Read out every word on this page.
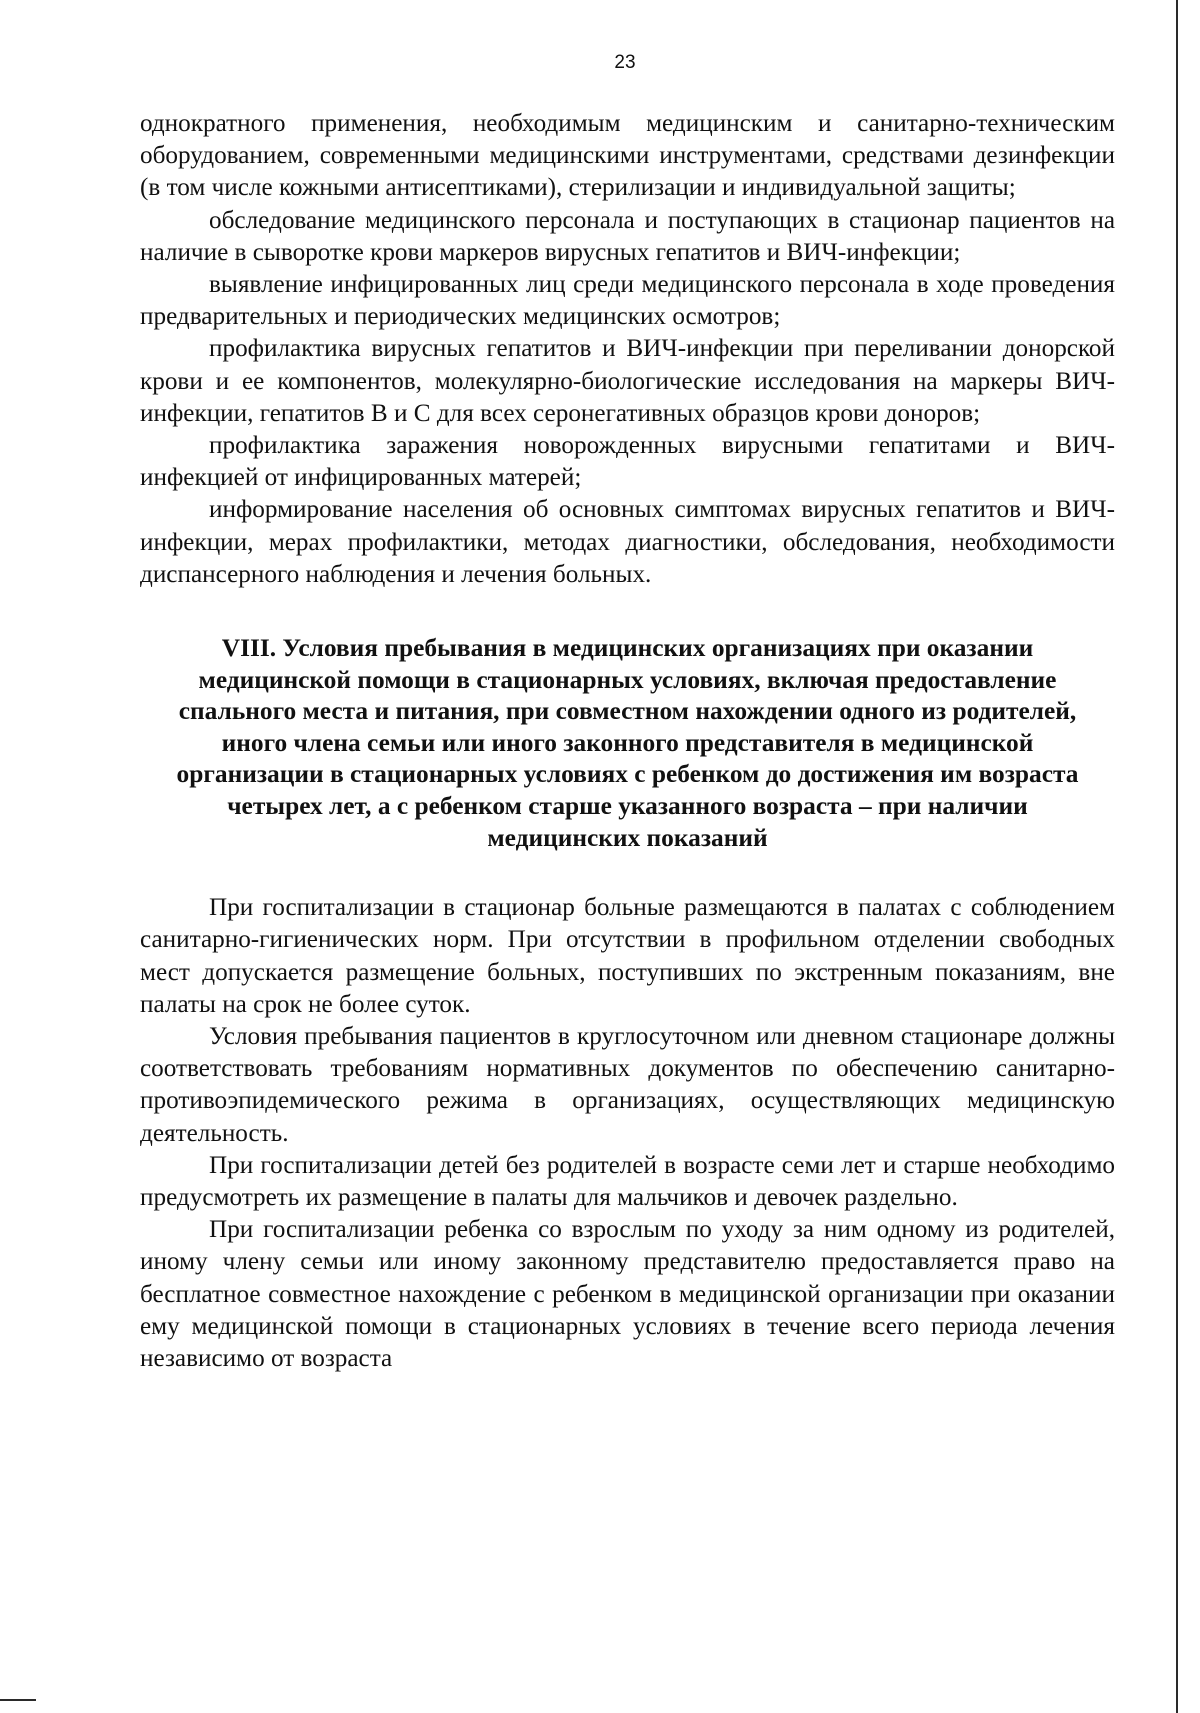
23

однократного применения, необходимым медицинским и санитарно-техническим оборудованием, современными медицинскими инструментами, средствами дезинфекции (в том числе кожными антисептиками), стерилизации и индивидуальной защиты;

обследование медицинского персонала и поступающих в стационар пациентов на наличие в сыворотке крови маркеров вирусных гепатитов и ВИЧ-инфекции;

выявление инфицированных лиц среди медицинского персонала в ходе проведения предварительных и периодических медицинских осмотров;

профилактика вирусных гепатитов и ВИЧ-инфекции при переливании донорской крови и ее компонентов, молекулярно-биологические исследования на маркеры ВИЧ-инфекции, гепатитов B и C для всех серонегативных образцов крови доноров;

профилактика заражения новорожденных вирусными гепатитами и ВИЧ-инфекцией от инфицированных матерей;

информирование населения об основных симптомах вирусных гепатитов и ВИЧ-инфекции, мерах профилактики, методах диагностики, обследования, необходимости диспансерного наблюдения и лечения больных.

VIII. Условия пребывания в медицинских организациях при оказании медицинской помощи в стационарных условиях, включая предоставление спального места и питания, при совместном нахождении одного из родителей, иного члена семьи или иного законного представителя в медицинской организации в стационарных условиях с ребенком до достижения им возраста четырех лет, а с ребенком старше указанного возраста – при наличии медицинских показаний

При госпитализации в стационар больные размещаются в палатах с соблюдением санитарно-гигиенических норм. При отсутствии в профильном отделении свободных мест допускается размещение больных, поступивших по экстренным показаниям, вне палаты на срок не более суток.

Условия пребывания пациентов в круглосуточном или дневном стационаре должны соответствовать требованиям нормативных документов по обеспечению санитарно-противоэпидемического режима в организациях, осуществляющих медицинскую деятельность.

При госпитализации детей без родителей в возрасте семи лет и старше необходимо предусмотреть их размещение в палаты для мальчиков и девочек раздельно.

При госпитализации ребенка со взрослым по уходу за ним одному из родителей, иному члену семьи или иному законному представителю предоставляется право на бесплатное совместное нахождение с ребенком в медицинской организации при оказании ему медицинской помощи в стационарных условиях в течение всего периода лечения независимо от возраста
